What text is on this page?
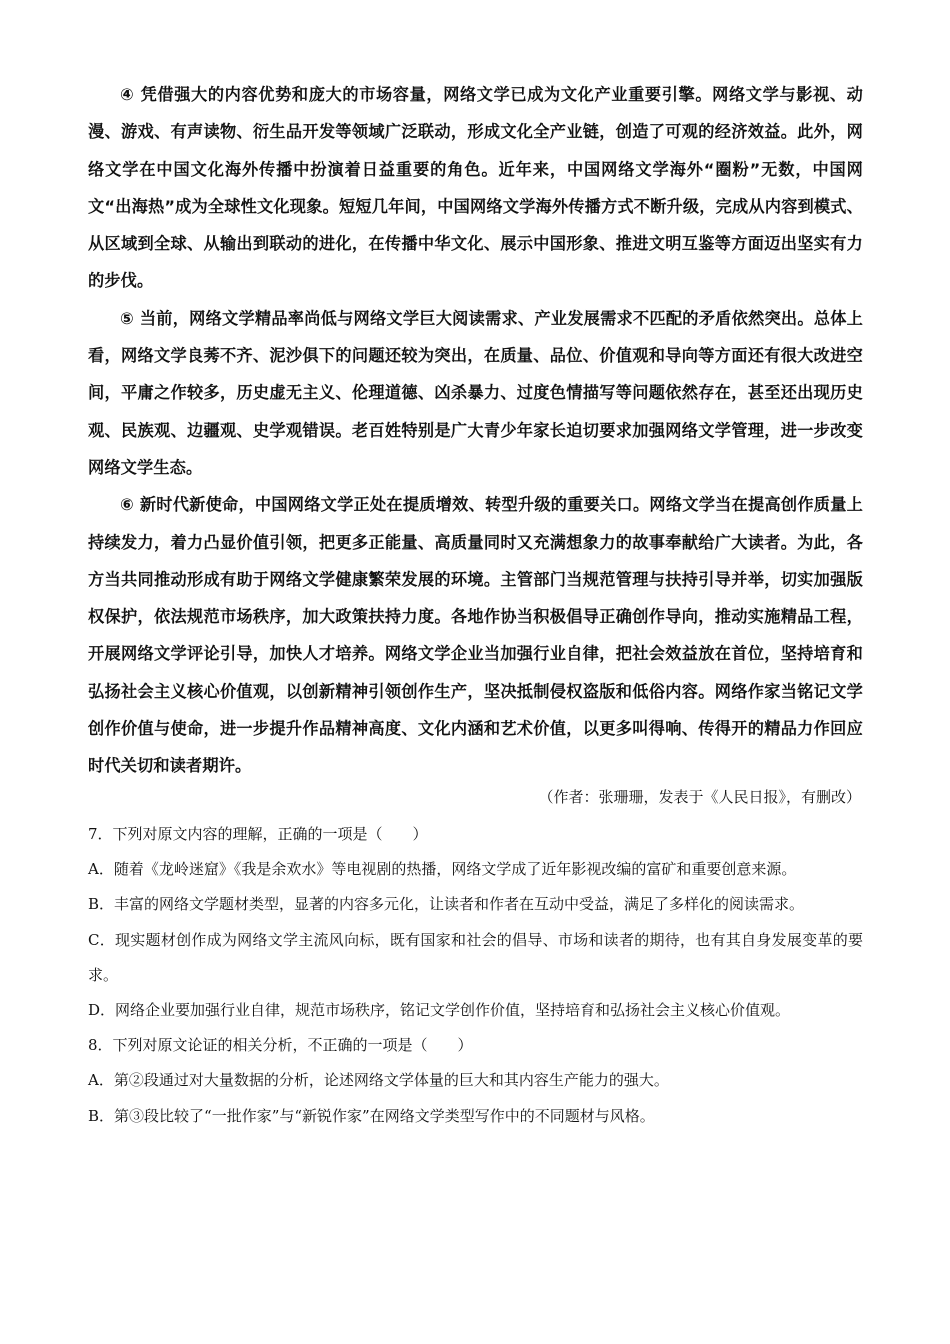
④ 凭借强大的内容优势和庞大的市场容量，网络文学已成为文化产业重要引擎。网络文学与影视、动漫、游戏、有声读物、衍生品开发等领域广泛联动，形成文化全产业链，创造了可观的经济效益。此外，网络文学在中国文化海外传播中扮演着日益重要的角色。近年来，中国网络文学海外“圈粉”无数，中国网文“出海热”成为全球性文化现象。短短几年间，中国网络文学海外传播方式不断升级，完成从内容到模式、从区域到全球、从输出到联动的进化，在传播中华文化、展示中国形象、推进文明互鉴等方面迈出坚实有力的步伐。

⑤ 当前，网络文学精品率尚低与网络文学巨大阅读需求、产业发展需求不匹配的矛盾依然突出。总体上看，网络文学良莠不齐、泥沙俱下的问题还较为突出，在质量、品位、价值观和导向等方面还有很大改进空间，平庸之作较多，历史虚无主义、伦理道德、凶杀暴力、过度色情描写等问题依然存在，甚至还出现历史观、民族观、边疆观、史学观错误。老百姓特别是广大青少年家长迫切要求加强网络文学管理，进一步改变网络文学生态。

⑥ 新时代新使命，中国网络文学正处在提质增效、转型升级的重要关口。网络文学当在提高创作质量上持续发力，着力凸显价值引领，把更多正能量、高质量同时又充满想象力的故事奉献给广大读者。为此，各方当共同推动形成有助于网络文学健康繁荣发展的环境。主管部门当规范管理与扶持引导并举，切实加强版权保护，依法规范市场秩序，加大政策扶持力度。各地作协当积极倡导正确创作导向，推动实施精品工程，开展网络文学评论引导，加快人才培养。网络文学企业当加强行业自律，把社会效益放在首位，坚持培育和弘扬社会主义核心价值观，以创新精神引领创作生产，坚决抵制侵权盗版和低俗内容。网络作家当铭记文学创作价值与使命，进一步提升作品精神高度、文化内涵和艺术价值，以更多叫得响、传得开的精品力作回应时代关切和读者期许。

（作者：张珊珊，发表于《人民日报》，有删改）

7．下列对原文内容的理解，正确的一项是（　　）

A．随着《龙岭迷窟》《我是余欢水》等电视剧的热播，网络文学成了近年影视改编的富矿和重要创意来源。

B．丰富的网络文学题材类型，显著的内容多元化，让读者和作者在互动中受益，满足了多样化的阅读需求。

C．现实题材创作成为网络文学主流风向标，既有国家和社会的倡导、市场和读者的期待，也有其自身发展变革的要求。

D．网络企业要加强行业自律，规范市场秩序，铭记文学创作价值，坚持培育和弘扬社会主义核心价值观。

8．下列对原文论证的相关分析，不正确的一项是（　　）

A．第②段通过对大量数据的分析，论述网络文学体量的巨大和其内容生产能力的强大。

B．第③段比较了“一批作家”与“新锐作家”在网络文学类型写作中的不同题材与风格。
